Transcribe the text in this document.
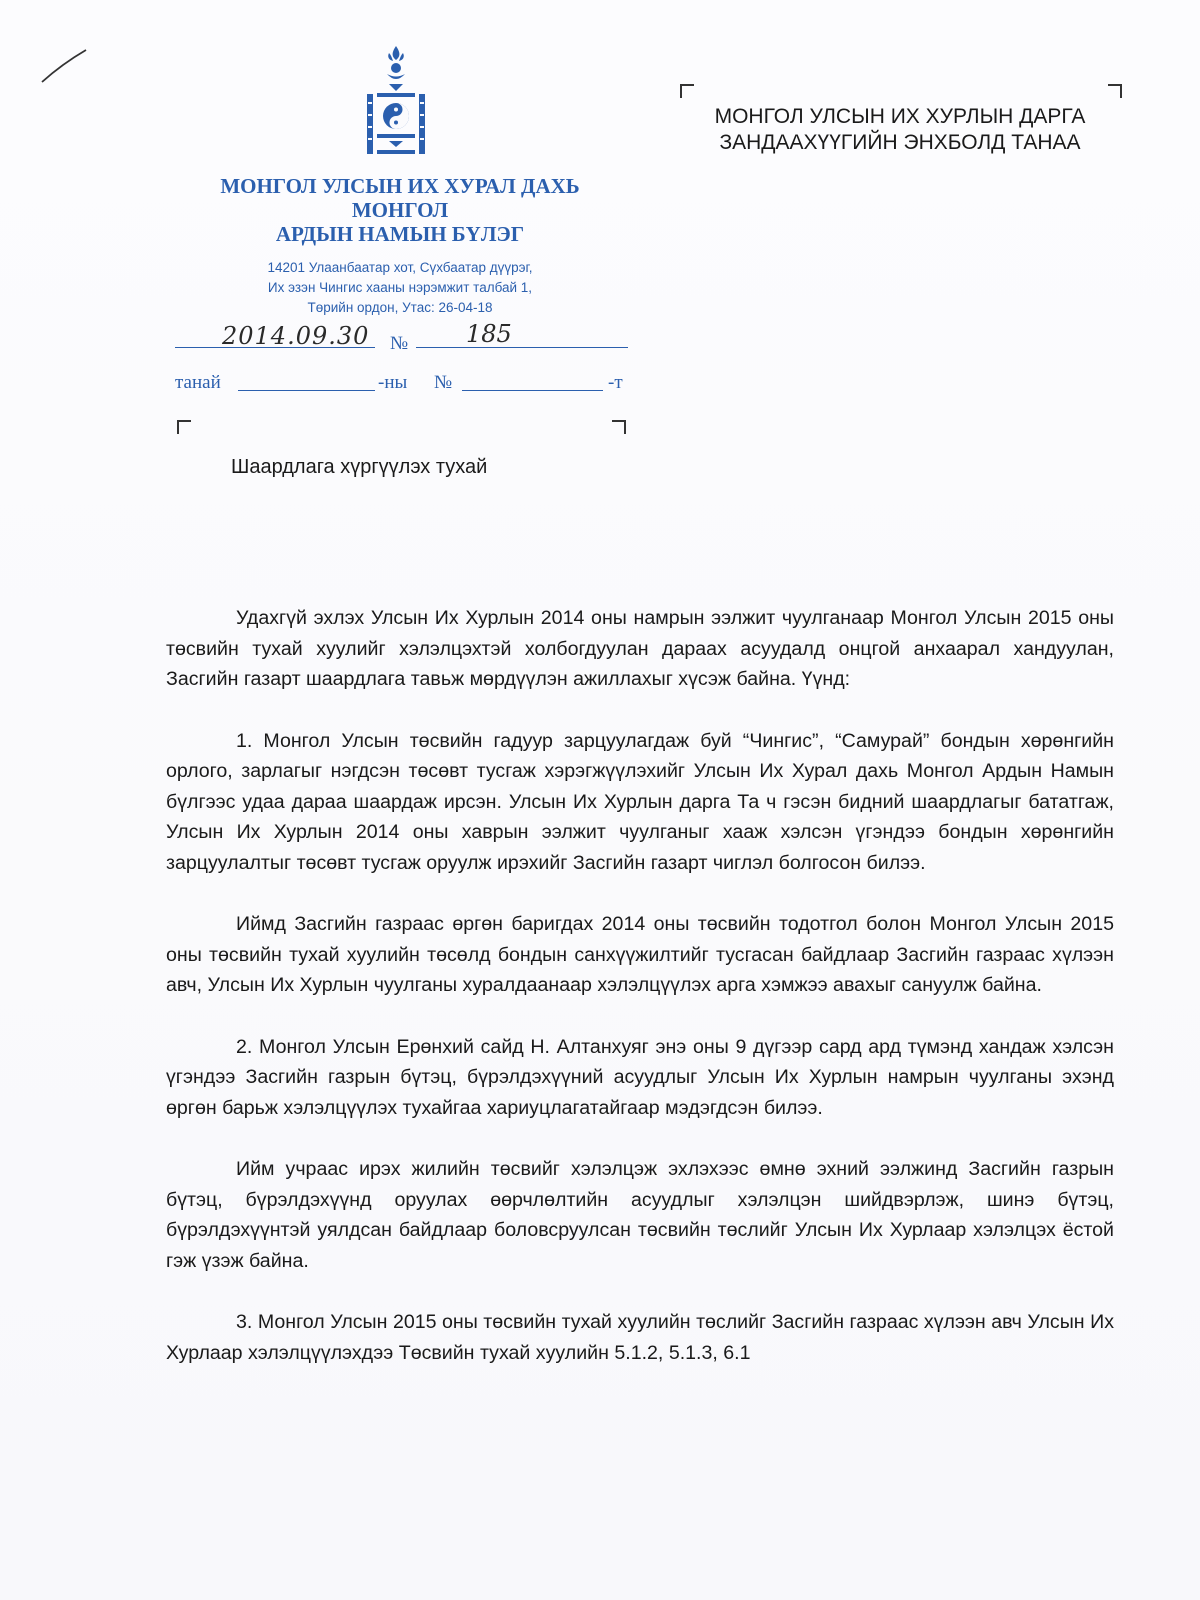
МОНГОЛ УЛСЫН ИХ ХУРАЛ ДАХЬ
МОНГОЛ
АРДЫН НАМЫН БҮЛЭГ
14201 Улаанбаатар хот, Сүхбаатар дүүрэг,
Их эзэн Чингис хааны нэрэмжит талбай 1,
Төрийн ордон, Утас: 26-04-18
2014.09.30 № 185
танай	-ны №	-т
МОНГОЛ УЛСЫН ИХ ХУРЛЫН ДАРГА
ЗАНДААХҮҮГИЙН ЭНХБОЛД ТАНАА
Шаардлага хүргүүлэх тухай

Удахгүй эхлэх Улсын Их Хурлын 2014 оны намрын ээлжит чуулганаар Монгол Улсын 2015 оны төсвийн тухай хуулийг хэлэлцэхтэй холбогдуулан дараах асуудалд онцгой анхаарал хандуулан, Засгийн газарт шаардлага тавьж мөрдүүлэн ажиллахыг хүсэж байна. Үүнд:

1. Монгол Улсын төсвийн гадуур зарцуулагдаж буй “Чингис”, “Самурай” бондын хөрөнгийн орлого, зарлагыг нэгдсэн төсөвт тусгаж хэрэгжүүлэхийг Улсын Их Хурал дахь Монгол Ардын Намын бүлгээс удаа дараа шаардаж ирсэн. Улсын Их Хурлын дарга Та ч гэсэн бидний шаардлагыг бататгаж, Улсын Их Хурлын 2014 оны хаврын ээлжит чуулганыг хааж хэлсэн үгэндээ бондын хөрөнгийн зарцуулалтыг төсөвт тусгаж оруулж ирэхийг Засгийн газарт чиглэл болгосон билээ.

Иймд Засгийн газраас өргөн баригдах 2014 оны төсвийн тодотгол болон Монгол Улсын 2015 оны төсвийн тухай хуулийн төсөлд бондын санхүүжилтийг тусгасан байдлаар Засгийн газраас хүлээн авч, Улсын Их Хурлын чуулганы хуралдаанаар хэлэлцүүлэх арга хэмжээ авахыг сануулж байна.

2. Монгол Улсын Ерөнхий сайд Н. Алтанхуяг энэ оны 9 дүгээр сард ард түмэнд хандаж хэлсэн үгэндээ Засгийн газрын бүтэц, бүрэлдэхүүний асуудлыг Улсын Их Хурлын намрын чуулганы эхэнд өргөн барьж хэлэлцүүлэх тухайгаа хариуцлагатайгаар мэдэгдсэн билээ.

Ийм учраас ирэх жилийн төсвийг хэлэлцэж эхлэхээс өмнө эхний ээлжинд Засгийн газрын бүтэц, бүрэлдэхүүнд оруулах өөрчлөлтийн асуудлыг хэлэлцэн шийдвэрлэж, шинэ бүтэц, бүрэлдэхүүнтэй уялдсан байдлаар боловсруулсан төсвийн төслийг Улсын Их Хурлаар хэлэлцэх ёстой гэж үзэж байна.

3. Монгол Улсын 2015 оны төсвийн тухай хуулийн төслийг Засгийн газраас хүлээн авч Улсын Их Хурлаар хэлэлцүүлэхдээ Төсвийн тухай хуулийн 5.1.2, 5.1.3, 6.1
